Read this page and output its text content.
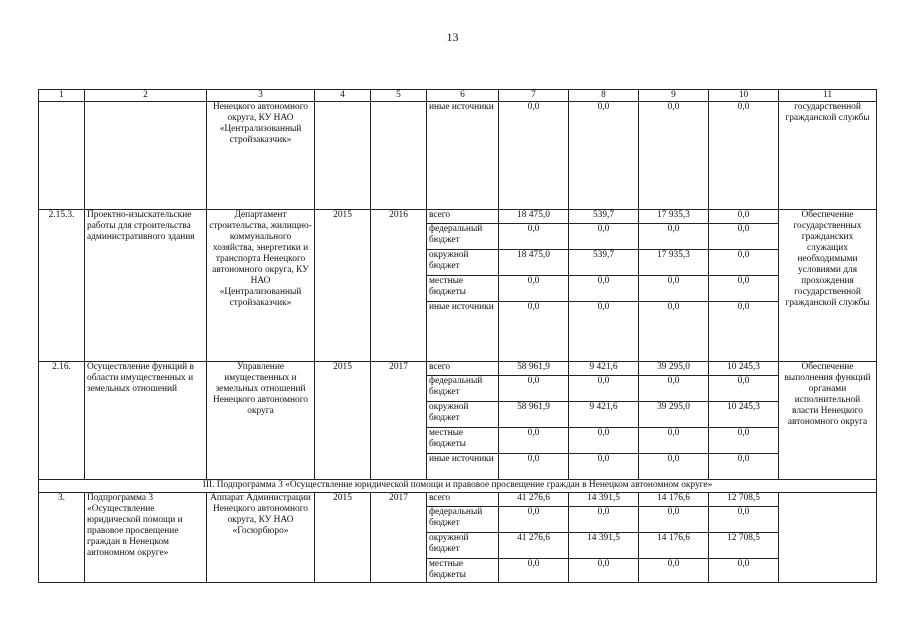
13
1	2	3	4	5	6	7	8	9	10	11
		Ненецкого автономного округа, КУ НАО «Централизованный стройзаказчик»			иные источники	0,0	0,0	0,0	0,0	государственной гражданской службы
2.15.3.	Проектно-изыскательские работы для строительства административного здания	Департамент строительства, жилищно-коммунального хозяйства, энергетики и транспорта Ненецкого автономного округа, КУ НАО «Централизованный стройзаказчик»	2015	2016	всего	18 475,0	539,7	17 935,3	0,0	Обеспечение государственных гражданских служащих необходимыми условиями для прохождения государственной гражданской службы
					федеральный бюджет	0,0	0,0	0,0	0,0	
					окружной бюджет	18 475,0	539,7	17 935,3	0,0	
					местные бюджеты	0,0	0,0	0,0	0,0	
					иные источники	0,0	0,0	0,0	0,0	
2.16.	Осуществление функций в области имущественных и земельных отношений	Управление имущественных и земельных отношений Ненецкого автономного округа	2015	2017	всего	58 961,9	9 421,6	39 295,0	10 245,3	Обеспечение выполнения функций органами исполнительной власти Ненецкого автономного округа
					федеральный бюджет	0,0	0,0	0,0	0,0	
					окружной бюджет	58 961,9	9 421,6	39 295,0	10 245,3	
					местные бюджеты	0,0	0,0	0,0	0,0	
					иные источники	0,0	0,0	0,0	0,0	
III. Подпрограмма 3 «Осуществление юридической помощи и правовое просвещение граждан в Ненецком автономном округе»										
3.	Подпрограмма 3 «Осуществление юридической помощи и правовое просвещение граждан в Ненецком автономном округе»	Аппарат Администрации Ненецкого автономного округа, КУ НАО «Госюрбюро»	2015	2017	всего	41 276,6	14 391,5	14 176,6	12 708,5	
					федеральный бюджет	0,0	0,0	0,0	0,0	
					окружной бюджет	41 276,6	14 391,5	14 176,6	12 708,5	
					местные бюджеты	0,0	0,0	0,0	0,0	
